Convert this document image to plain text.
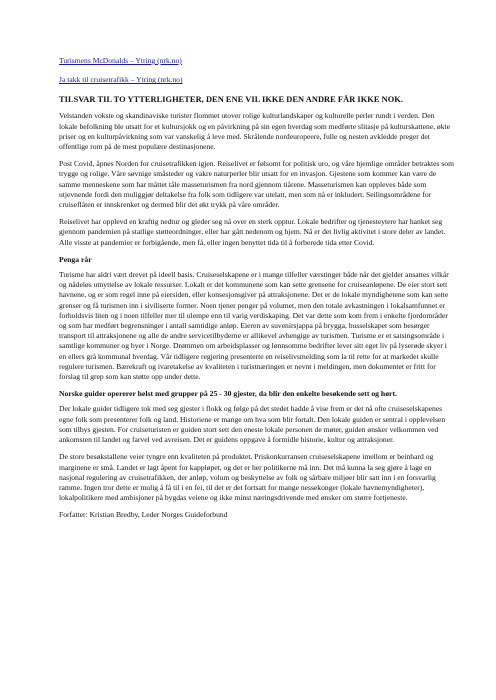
Turismens McDonalds – Ytring (nrk.no)
Ja takk til cruisetrafikk – Ytring (nrk.no)
TILSVAR TIL TO YTTERLIGHETER, DEN ENE VIL IKKE DEN ANDRE FÅR IKKE NOK.

Velstanden vokste og skandinaviske turister flommet utover rolige kulturlandskaper og kulturelle perler rundt i verden. Den lokale befolkning ble utsatt for et kultursjokk og en påvirkning på sin egen hverdag som medførte slitasje på kulturskattene, økte priser og en kulturpåvirkning som var vanskelig å leve med. Skrålende nordeuropeere, fulle og nesten avkledde preger det offentlige rom på de mest populære destinasjonene.

Post Covid, åpnes Norden for cruisetrafikken igjen. Reiselivet er følsomt for politisk uro, og våre hjemlige områder betraktes som trygge og rolige. Våre søvnige småsteder og vakre naturperler blir utsatt for en invasjon. Gjestene som kommer kan være de samme menneskene som har måttet tåle masseturismen fra nord gjennom tiårene. Masseturismen kan oppleves både som utjevnende fordi den muliggjør deltakelse fra folk som tidligere var utelatt, men som nå er inkludert. Seilingsområdene for cruiseflåten er innskrenket og dermed blir det økt trykk på våre områder.

Reiselivet har opplevd en kraftig nedtur og gleder seg nå over en sterk opptur. Lokale bedrifter og tjenesteytere har hanket seg gjennom pandemien på statlige støtteordninger, eller har gått nedenom og hjem. Nå er det livlig aktivitet i store deler av landet. Alle visste at pandemier er forbigående, men få, eller ingen benyttet tida til å forberede tida etter Covid.

Penga rår

Turisme har aldri vært drevet på ideell basis. Cruiseselskapene er i mange tilfeller værstinger både når det gjelder ansattes vilkår og nådeløs utnyttelse av lokale ressurser. Lokalt er det kommunene som kan sette grensene for cruiseanløpene. De eier stort sett havnene, og er som regel inne på eiersiden, eller konsesjonsgiver på attraksjonene. Det er de lokale myndighetene som kan sette grenser og få turismen inn i siviliserte former. Noen tjener penger på volumet, men den totale avkastningen i lokalsamfunnet er forholdsvis liten og i noen tilfeller mer til ulempe enn til varig verdiskaping. Det var dette som kom frem i enkelte fjordområder og som har medført begrensninger i antall samtidige anløp. Eieren av suvenirsjappa på brygga, busselskapet som besørger transport til attraksjonene og alle de andre servicetilbyderne er allikevel avhengige av turismen. Turisme er et satsingsområde i samtlige kommuner og byer i Norge. Drømmen om arbeidsplasser og lønnsomme bedrifter lever sitt eget liv på lyserøde skyer i en ellers grå kommunal hverdag. Vår tidligere regjering presenterte en reiselivsmelding som la til rette for at markedet skulle regulere turismen. Bærekraft og ivaretakelse av kvaliteten i turistnæringen er nevnt i meldingen, men dokumentet er fritt for forslag til grep som kan støtte opp under dette.

Norske guider opererer helst med grupper på 25 - 30 gjester, da blir den enkelte besøkende sett og hørt.

Der lokale guider tidligere tok med seg gjester i flokk og følge på det stedet hadde å vise frem er det nå ofte cruiseselskapenes egne folk som presenterer folk og land. Historiene er mange om hva som blir fortalt. Den lokale guiden er sentral i opplevelsen som tilbys gjesten. For cruiseturisten er guiden stort sett den eneste lokale personen de møter, guiden ønsker velkommen ved ankomsten til landet og farvel ved avreisen. Det er guidens oppgave å formidle historie, kultur og attraksjoner.

De store besøkstallene veier tyngre enn kvaliteten på produktet. Priskonkurransen cruiseselskapene imellom er beinhard og marginene er små. Landet er lagt åpent for kappløpet, og det er her politikerne må inn. Det må kunna la seg gjøre å lage en nasjonal regulering av cruisetrafikken, der anløp, volum og beskyttelse av folk og sårbare miljøer blir satt inn i en forsvarlig ramme. Ingen tror dette er mulig å få til i en fei, til det er det fortsatt for mange nessekonger (lokale havnemyndigheter), lokalpolitikere med ambisjoner på bygdas veiene og ikke minst næringsdrivende med ønsker om større fortjeneste.

Forfatter: Kristian Bredby, Leder Norges Guideforbund
